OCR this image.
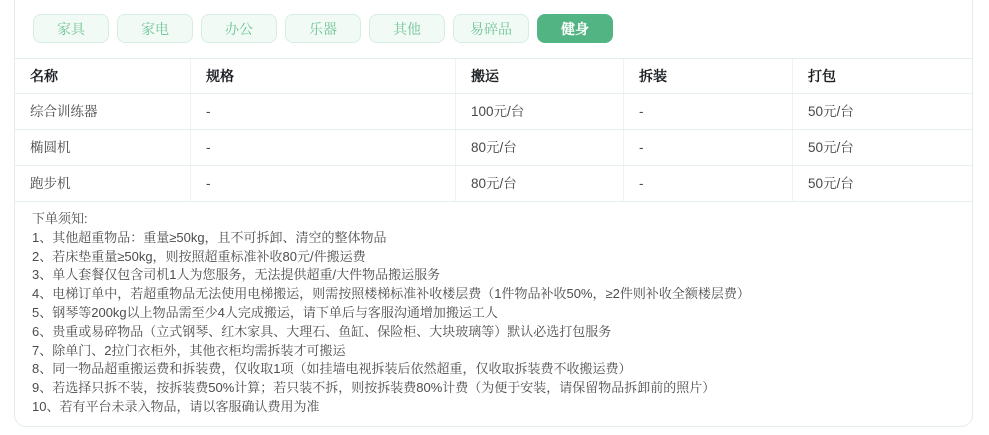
家具	家电	办公	乐器	其他	易碎品	健身
名称	规格	搬运	拆装	打包
综合训练器	-	100元/台	-	50元/台
椭圆机	-	80元/台	-	50元/台
跑步机	-	80元/台	-	50元/台
下单须知:
1、其他超重物品：重量≥50kg，且不可拆卸、清空的整体物品
2、若床垫重量≥50kg，则按照超重标准补收80元/件搬运费
3、单人套餐仅包含司机1人为您服务，无法提供超重/大件物品搬运服务
4、电梯订单中，若超重物品无法使用电梯搬运，则需按照楼梯标准补收楼层费（1件物品补收50%，≥2件则补收全额楼层费）
5、钢琴等200kg以上物品需至少4人完成搬运，请下单后与客服沟通增加搬运工人
6、贵重或易碎物品（立式钢琴、红木家具、大理石、鱼缸、保险柜、大块玻璃等）默认必选打包服务
7、除单门、2拉门衣柜外，其他衣柜均需拆装才可搬运
8、同一物品超重搬运费和拆装费，仅收取1项（如挂墙电视拆装后依然超重，仅收取拆装费不收搬运费）
9、若选择只拆不装，按拆装费50%计算；若只装不拆，则按拆装费80%计费（为便于安装，请保留物品拆卸前的照片）
10、若有平台未录入物品，请以客服确认费用为准
